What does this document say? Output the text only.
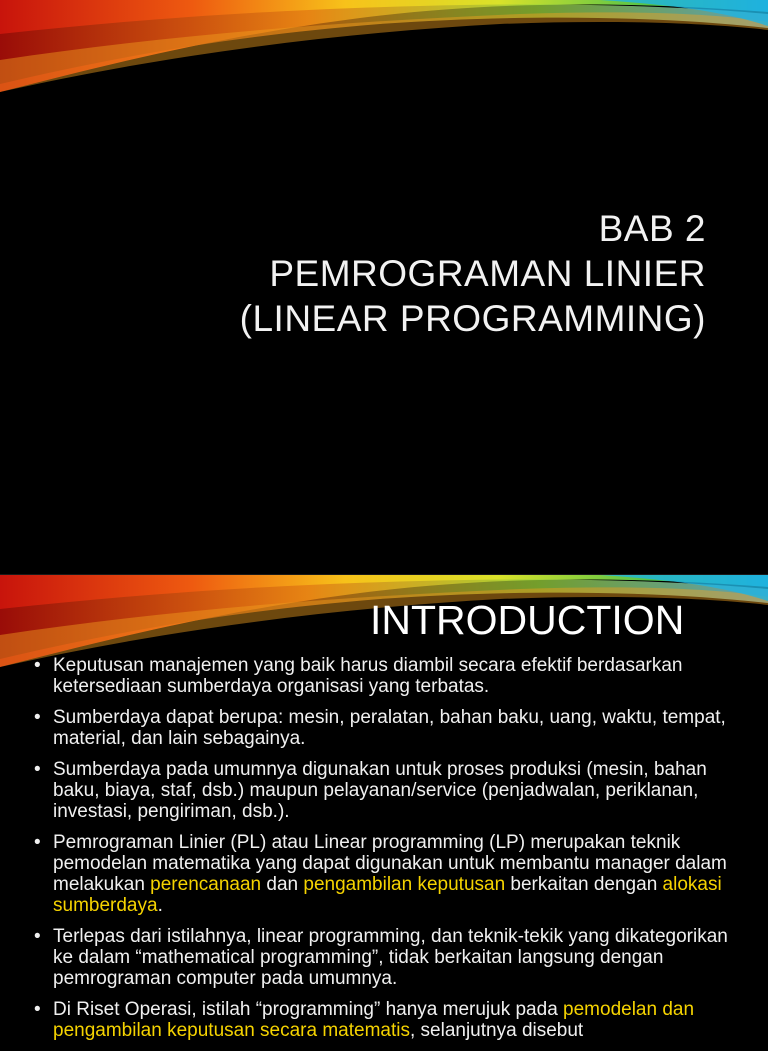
BAB 2
PEMROGRAMAN LINIER
(LINEAR PROGRAMMING)
INTRODUCTION
• Keputusan manajemen yang baik harus diambil secara efektif berdasarkan ketersediaan sumberdaya organisasi yang terbatas.
• Sumberdaya dapat berupa: mesin, peralatan, bahan baku, uang, waktu, tempat, material, dan lain sebagainya.
• Sumberdaya pada umumnya digunakan untuk proses produksi (mesin, bahan baku, biaya, staf, dsb.) maupun pelayanan/service (penjadwalan, periklanan, investasi, pengiriman, dsb.).
• Pemrograman Linier (PL) atau Linear programming (LP) merupakan teknik pemodelan matematika yang dapat digunakan untuk membantu manager dalam melakukan perencanaan dan pengambilan keputusan berkaitan dengan alokasi sumberdaya.
• Terlepas dari istilahnya, linear programming, dan teknik-tekik yang dikategorikan ke dalam “mathematical programming”, tidak berkaitan langsung dengan pemrograman computer pada umumnya.
• Di Riset Operasi, istilah “programming” hanya merujuk pada pemodelan dan pengambilan keputusan secara matematis, selanjutnya disebut
